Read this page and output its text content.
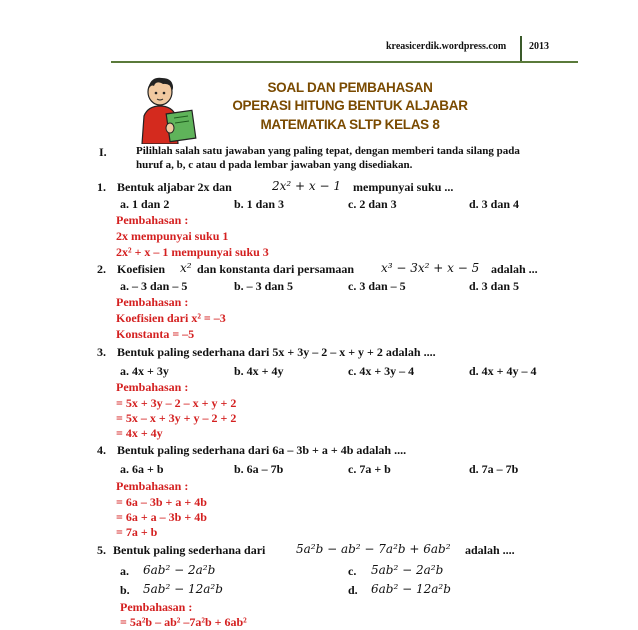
kreasicerdik.wordpress.com 2013
SOAL DAN PEMBAHASAN
OPERASI HITUNG BENTUK ALJABAR
MATEMATIKA SLTP KELAS 8
I.	Pilihlah salah satu jawaban yang paling tepat, dengan memberi tanda silang pada
huruf a, b, c atau d pada lembar jawaban yang disediakan.
1. Bentuk aljabar 2x dan	2x² + x − 1 mempunyai suku ...
a. 1 dan 2	b. 1 dan 3	c. 2 dan 3	d. 3 dan 4
Pembahasan :
2x mempunyai suku 1
2x² + x – 1 mempunyai suku 3
2. Koefisien x² dan konstanta dari persamaan x³ − 3x² + x − 5 adalah ...
a. – 3 dan – 5	b. – 3 dan 5	c. 3 dan – 5	d. 3 dan 5
Pembahasan :
Koefisien dari x² = –3
Konstanta = –5
3. Bentuk paling sederhana dari 5x + 3y – 2 – x + y + 2 adalah ....
a. 4x + 3y	b. 4x + 4y	c. 4x + 3y – 4	d. 4x + 4y – 4
Pembahasan :
= 5x + 3y – 2 – x + y + 2
= 5x – x + 3y + y – 2 + 2
= 4x + 4y
4. Bentuk paling sederhana dari 6a – 3b + a + 4b adalah ....
a. 6a + b	b. 6a – 7b	c. 7a + b	d. 7a – 7b
Pembahasan :
= 6a – 3b + a + 4b
= 6a + a – 3b + 4b
= 7a + b
5. Bentuk paling sederhana dari	5a²b − ab² − 7a²b + 6ab² adalah ....
a. 6ab² − 2a²b	c. 5ab² − 2a²b
b. 5ab² − 12a²b	d. 6ab² − 12a²b
Pembahasan :
= 5a²b – ab² –7a²b + 6ab²
